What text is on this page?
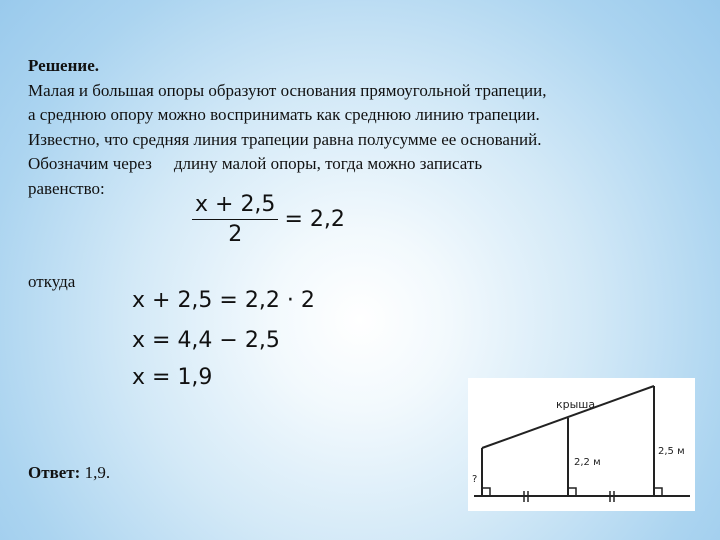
Решение.

Малая и большая опоры образуют основания прямоугольной трапеции,

а среднюю опору можно воспринимать как среднюю линию трапеции.

Известно, что средняя линия трапеции равна полусумме ее оснований.

Обозначим через длину малой опоры, тогда можно записать

равенство:

$\frac{x + 2,5}{2} = 2,2$
откуда
x + 2,5 = 2,2 · 2
x = 4,4 − 2,5
x = 1,9
Ответ: 1,9.
крыша
2,2 м
2,5 м
?
